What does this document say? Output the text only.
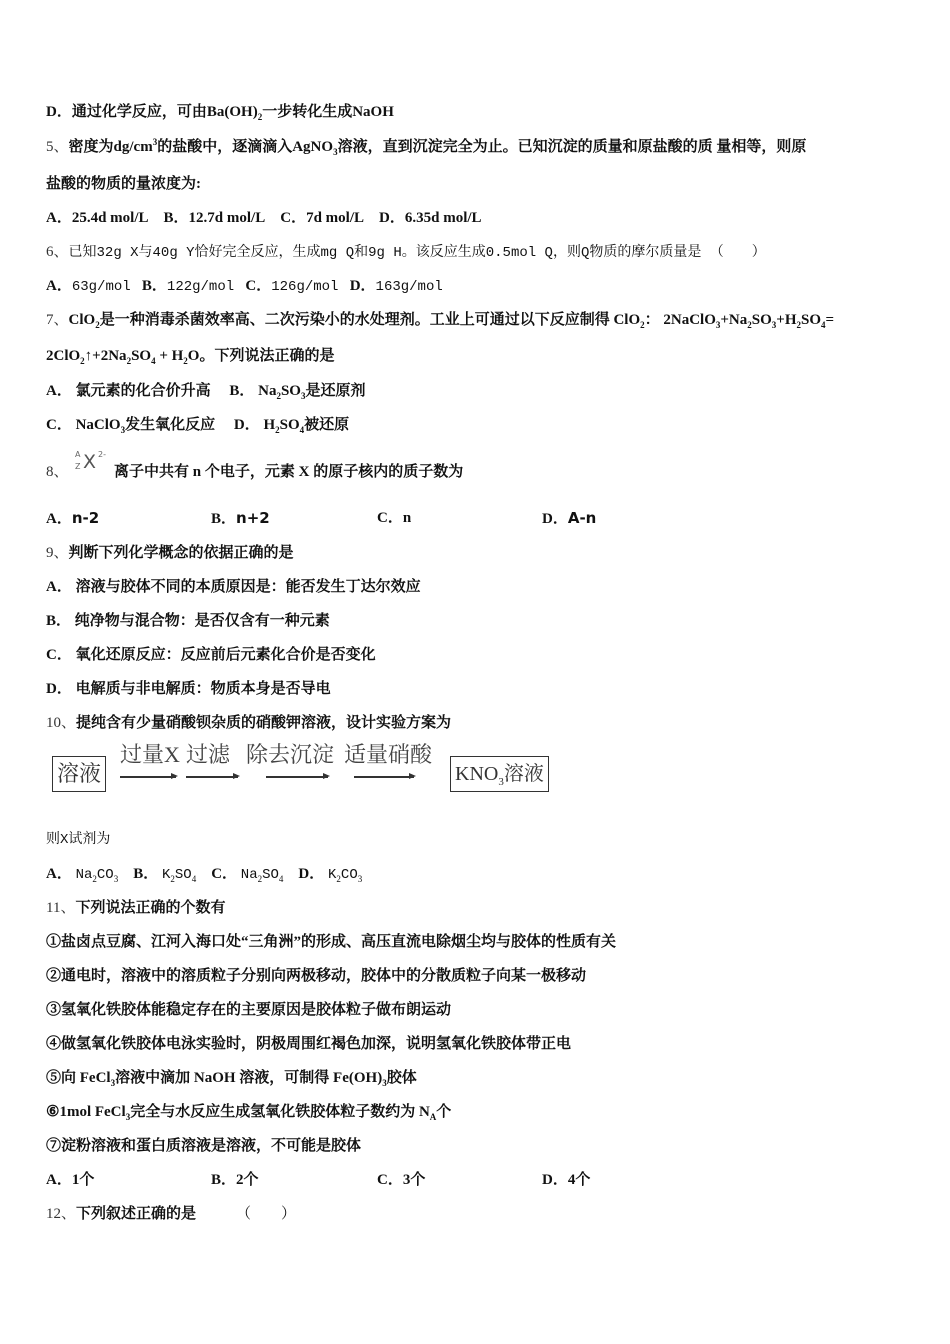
D．通过化学反应，可由$Ba(OH)_2$一步转化生成NaOH
5、密度为$dg/cm^3$的盐酸中，逐滴滴入AgNO$_3$溶液，直到沉淀完全为止。已知沉淀的质量和原盐酸的质 量相等，则原
盐酸的物质的量浓度为:
A．25.4d mol/L B．12.7d mol/L C．7d mol/L D．6.35d mol/L
6、已知32g X与40g Y恰好完全反应，生成mg Q和9g H。该反应生成0.5mol Q，则Q物质的摩尔质量是 （　　）
A．63g/mol B．122g/mol C．126g/mol D．163g/mol
7、ClO$_2$是一种消毒杀菌效率高、二次污染小的水处理剂。工业上可通过以下反应制得 ClO$_2$： $2NaClO_3+Na_2SO_3+H_2SO_4=$
$2ClO_2↑+2Na_2SO_4 + H_2O$。下列说法正确的是
A． 氯元素的化合价升高 B． $Na_2SO_3$是还原剂
C． NaClO$_3$发生氧化反应 D． $H_2SO_4$被还原
8、
A
Z X 2-
离子中共有 n 个电子，元素 X 的原子核内的质子数为
A．n-2	B．n+2	C．n	D．A-n
9、判断下列化学概念的依据正确的是
A． 溶液与胶体不同的本质原因是：能否发生丁达尔效应
B． 纯净物与混合物：是否仅含有一种元素
C． 氧化还原反应：反应前后元素化合价是否变化
D． 电解质与非电解质：物质本身是否导电
10、提纯含有少量硝酸钡杂质的硝酸钾溶液，设计实验方案为
溶液
过量X 过滤 除去沉淀 适量硝酸
$KNO_3$溶液
则X试剂为
A． $Na_2CO_3$ B． $K_2SO_4$ C． $Na_2SO_4$ D． $K_2CO_3$
11、下列说法正确的个数有
①盐卤点豆腐、江河入海口处“三角洲”的形成、高压直流电除烟尘均与胶体的性质有关
②通电时，溶液中的溶质粒子分别向两极移动，胶体中的分散质粒子向某一极移动
③氢氧化铁胶体能稳定存在的主要原因是胶体粒子做布朗运动
④做氢氧化铁胶体电泳实验时，阴极周围红褐色加深，说明氢氧化铁胶体带正电
⑤向 FeCl$_3$溶液中滴加 NaOH 溶液，可制得 $Fe(OH)_3$胶体
⑥1mol FeCl$_3$完全与水反应生成氢氧化铁胶体粒子数约为 $N_A$个
⑦淀粉溶液和蛋白质溶液是溶液，不可能是胶体
A．1个	B．2个	C．3个	D．4个
12、下列叙述正确的是	（　　）
